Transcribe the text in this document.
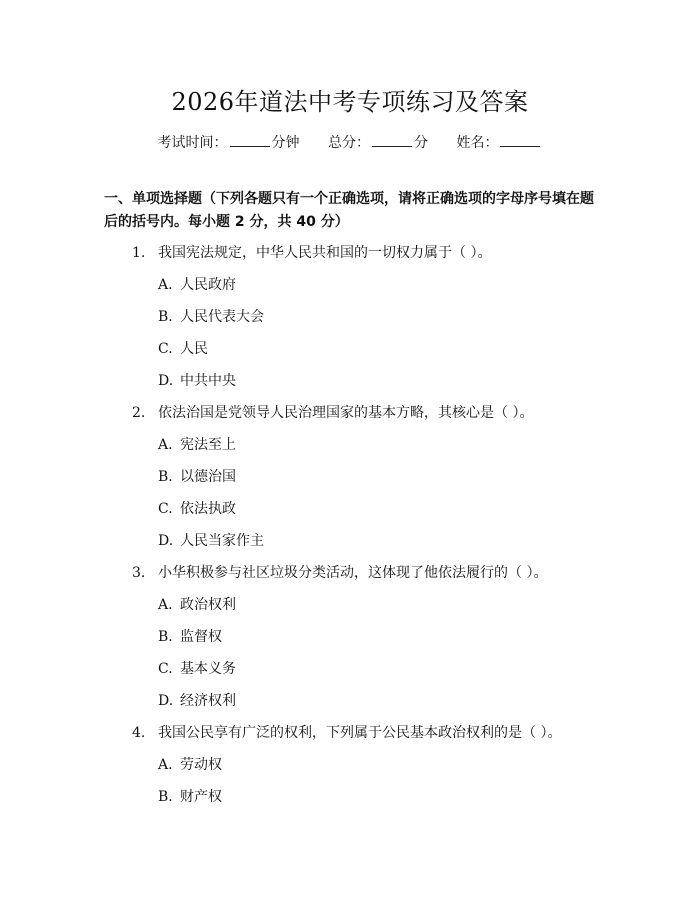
2026年道法中考专项练习及答案
考试时间：	分钟 总分：	分 姓名：
一、单项选择题（下列各题只有一个正确选项，请将正确选项的字母序号填在题
后的括号内。每小题 2 分，共 40 分）
1. 我国宪法规定，中华人民共和国的一切权力属于（ ）。
A. 人民政府
B. 人民代表大会
C. 人民
D. 中共中央
2. 依法治国是党领导人民治理国家的基本方略，其核心是（ ）。
A. 宪法至上
B. 以德治国
C. 依法执政
D. 人民当家作主
3. 小华积极参与社区垃圾分类活动，这体现了他依法履行的（ ）。
A. 政治权利
B. 监督权
C. 基本义务
D. 经济权利
4. 我国公民享有广泛的权利，下列属于公民基本政治权利的是（ ）。
A. 劳动权
B. 财产权
